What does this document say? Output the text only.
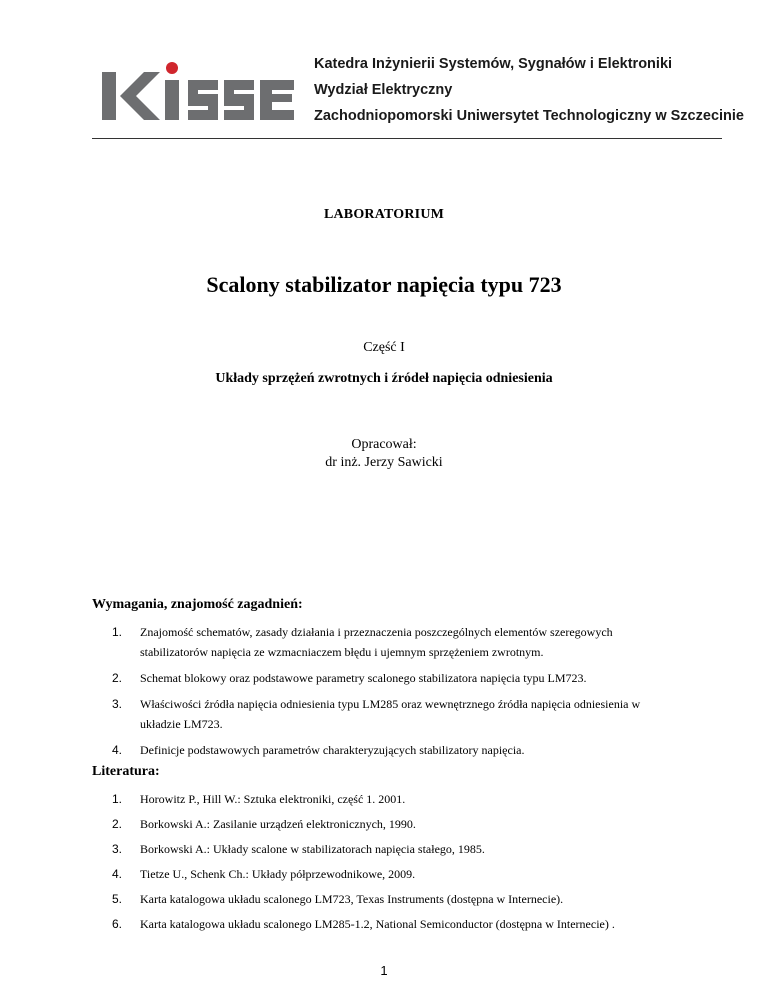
Katedra Inżynierii Systemów, Sygnałów i Elektroniki
Wydział Elektryczny
Zachodniopomorski Uniwersytet Technologiczny w Szczecinie
LABORATORIUM
Scalony stabilizator napięcia typu 723
Część I
Układy sprzężeń zwrotnych i źródeł napięcia odniesienia
Opracował:
dr inż. Jerzy Sawicki
Wymagania, znajomość zagadnień:
1. Znajomość schematów, zasady działania i przeznaczenia poszczególnych elementów szeregowych stabilizatorów napięcia ze wzmacniaczem błędu i ujemnym sprzężeniem zwrotnym.
2. Schemat blokowy oraz podstawowe parametry scalonego stabilizatora napięcia typu LM723.
3. Właściwości źródła napięcia odniesienia typu LM285 oraz wewnętrznego źródła napięcia odniesienia w układzie LM723.
4. Definicje podstawowych parametrów charakteryzujących stabilizatory napięcia.
Literatura:
1. Horowitz P., Hill W.: Sztuka elektroniki, część 1. 2001.
2. Borkowski A.: Zasilanie urządzeń elektronicznych, 1990.
3. Borkowski A.: Układy scalone w stabilizatorach napięcia stałego, 1985.
4. Tietze U., Schenk Ch.: Układy półprzewodnikowe, 2009.
5. Karta katalogowa układu scalonego LM723, Texas Instruments (dostępna w Internecie).
6. Karta katalogowa układu scalonego LM285-1.2, National Semiconductor (dostępna w Internecie) .
1
